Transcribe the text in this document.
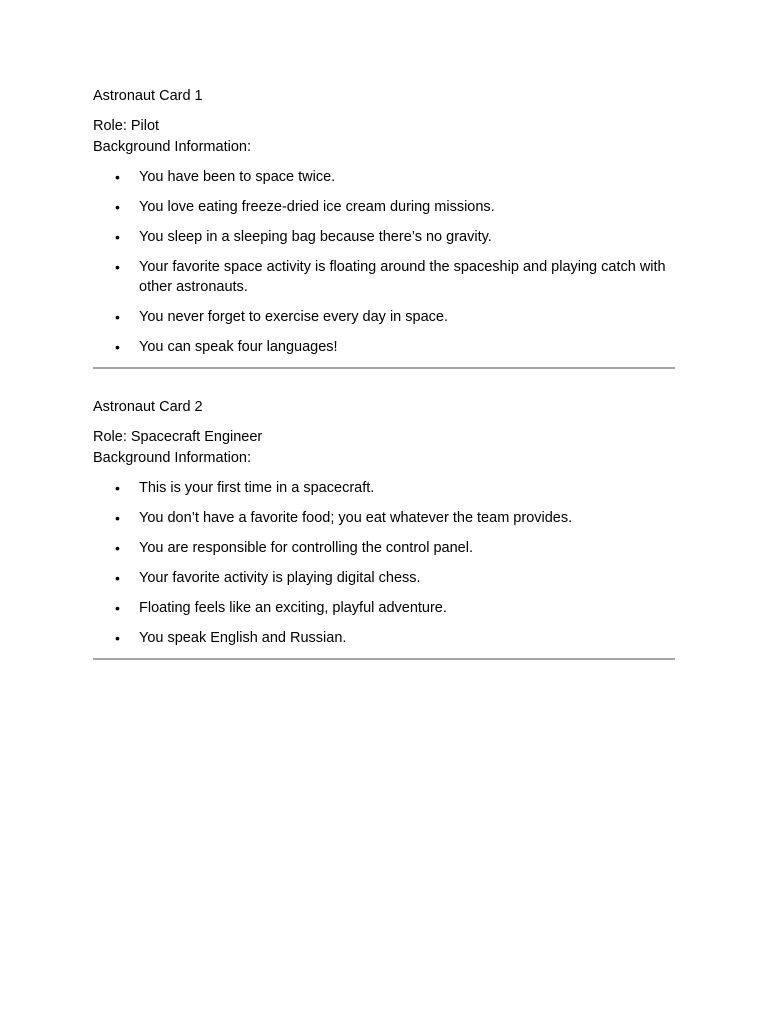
Astronaut Card 1

Role: Pilot

Background Information:

•	You have been to space twice.
•	You love eating freeze-dried ice cream during missions.
•	You sleep in a sleeping bag because there’s no gravity.
•	Your favorite space activity is floating around the spaceship and playing catch with other astronauts.
•	You never forget to exercise every day in space.
•	You can speak four languages!

Astronaut Card 2

Role: Spacecraft Engineer

Background Information:

•	This is your first time in a spacecraft.
•	You don’t have a favorite food; you eat whatever the team provides.
•	You are responsible for controlling the control panel.
•	Your favorite activity is playing digital chess.
•	Floating feels like an exciting, playful adventure.
•	You speak English and Russian.
